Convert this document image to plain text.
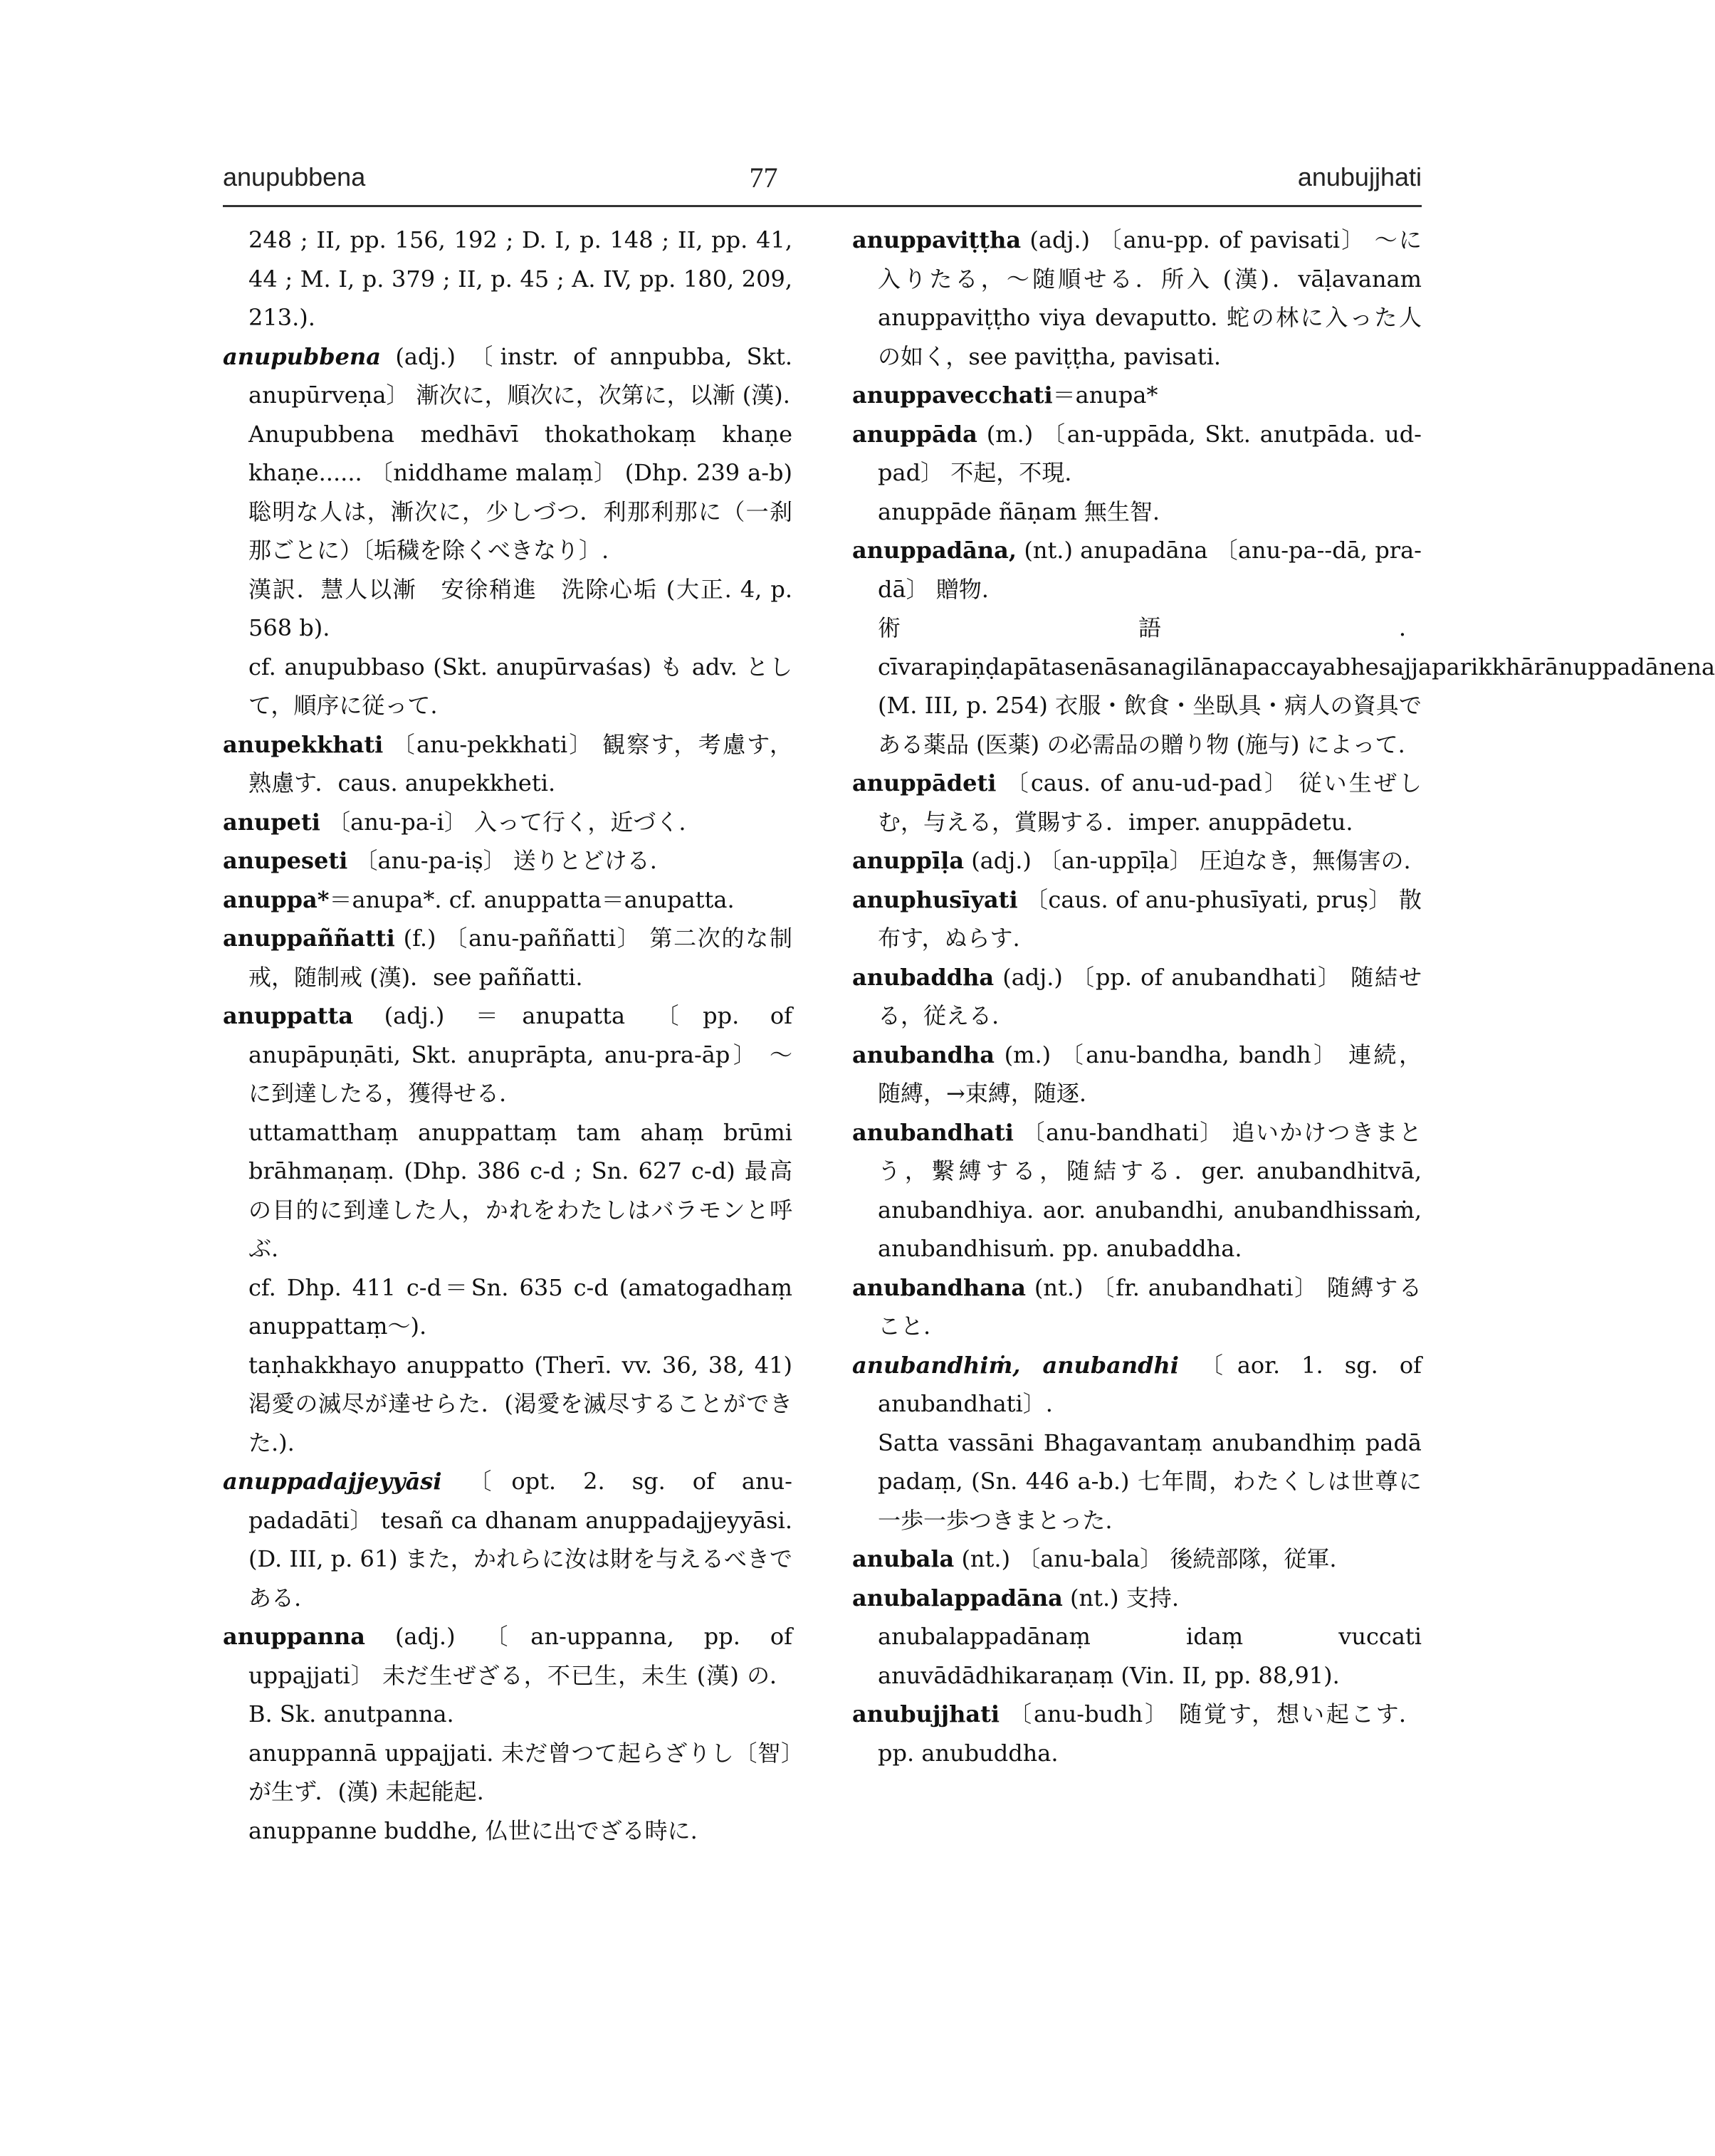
anupubbena	77	anubujjhati

248 ; II, pp. 156, 192 ; D. I, p. 148 ; II, pp. 41, 44 ; M. I, p. 379 ; II, p. 45 ; A. IV, pp. 180, 209, 213.).

anupubbena (adj.) 〔instr. of annpubba, Skt. anupūrveṇa〕 漸次に，順次に，次第に，以漸 (漢).

Anupubbena medhāvī thokathokaṃ khaṇe khaṇe...... 〔niddhame malaṃ〕 (Dhp. 239 a-b) 聡明な人は，漸次に，少しづつ．利那利那に（一刹那ごとに）〔垢穢を除くべきなり〕.

漢訳．慧人以漸　安徐稍進　洗除心垢 (大正. 4, p. 568 b).

cf. anupubbaso (Skt. anupūrvaśas) も adv. として，順序に従って.

anupekkhati 〔anu-pekkhati〕 観察す，考慮す，熟慮す．caus. anupekkheti.

anupeti 〔anu-pa-i〕 入って行く，近づく.

anupeseti 〔anu-pa-iṣ〕 送りとどける.

anuppa*＝anupa*. cf. anuppatta＝anupatta.

anuppaññatti (f.) 〔anu-paññatti〕 第二次的な制戒，随制戒 (漢)．see paññatti.

anuppatta (adj.) ＝anupatta 〔pp. of anupāpuṇāti, Skt. anuprāpta, anu-pra-āp〕 〜に到達したる，獲得せる.

uttamatthaṃ anuppattaṃ tam ahaṃ brūmi brāhmaṇaṃ. (Dhp. 386 c-d ; Sn. 627 c-d) 最高の目的に到達した人，かれをわたしはバラモンと呼ぶ.

cf. Dhp. 411 c-d＝Sn. 635 c-d (amatogadhaṃ anuppattaṃ〜).

taṇhakkhayo anuppatto (Therī. vv. 36, 38, 41) 渇愛の滅尽が達せらた．(渇愛を滅尽することができた.).

anuppadajjeyyāsi 〔opt. 2. sg. of anu-padadāti〕 tesañ ca dhanam anuppadajjeyyāsi. (D. III, p. 61) また，かれらに汝は財を与えるべきである.

anuppanna (adj.) 〔an-uppanna, pp. of uppajjati〕 未だ生ぜざる，不已生，未生 (漢) の．B. Sk. anutpanna.

anuppannā uppajjati. 未だ曾つて起らざりし〔智〕が生ず．(漢) 未起能起.

anuppanne buddhe, 仏世に出でざる時に.

anuppaviṭṭha (adj.) 〔anu-pp. of pavisati〕 〜に入りたる，〜随順せる．所入 (漢)．vāḷavanam anuppaviṭṭho viya devaputto. 蛇の林に入った人の如く，see paviṭṭha, pavisati.

anuppavecchati＝anupa*

anuppāda (m.) 〔an-uppāda, Skt. anutpāda. ud-pad〕 不起，不現.

anuppāde ñāṇam 無生智.

anuppadāna, (nt.) anupadāna 〔anu-pa--dā, pra-dā〕 贈物.

術語．cīvarapiṇḍapātasenāsanagilānapaccayabhesajjaparikkhārānuppadānena (M. III, p. 254) 衣服・飲食・坐臥具・病人の資具である薬品 (医薬) の必需品の贈り物 (施与) によって.

anuppādeti 〔caus. of anu-ud-pad〕 従い生ぜしむ，与える，賞賜する．imper. anuppādetu.

anuppīḷa (adj.) 〔an-uppīḷa〕 圧迫なき，無傷害の.

anuphusīyati 〔caus. of anu-phusīyati, pruṣ〕 散布す，ぬらす.

anubaddha (adj.) 〔pp. of anubandhati〕 随結せる，従える.

anubandha (m.) 〔anu-bandha, bandh〕 連続，随縛，→束縛，随逐.

anubandhati 〔anu-bandhati〕 追いかけつきまとう，繫縛する，随結する．ger. anubandhitvā, anubandhiya. aor. anubandhi, anubandhissaṁ, anubandhisuṁ. pp. anubaddha.

anubandhana (nt.) 〔fr. anubandhati〕 随縛すること.

anubandhiṁ, anubandhi 〔aor. 1. sg. of anubandhati〕.

Satta vassāni Bhagavantaṃ anubandhiṃ padā padaṃ, (Sn. 446 a-b.) 七年間，わたくしは世尊に一歩一歩つきまとった.

anubala (nt.) 〔anu-bala〕 後続部隊，従軍.

anubalappadāna (nt.) 支持.

anubalappadānaṃ idaṃ vuccati anuvādādhikaraṇaṃ (Vin. II, pp. 88,91).

anubujjhati 〔anu-budh〕 随覚す，想い起こす．pp. anubuddha.
